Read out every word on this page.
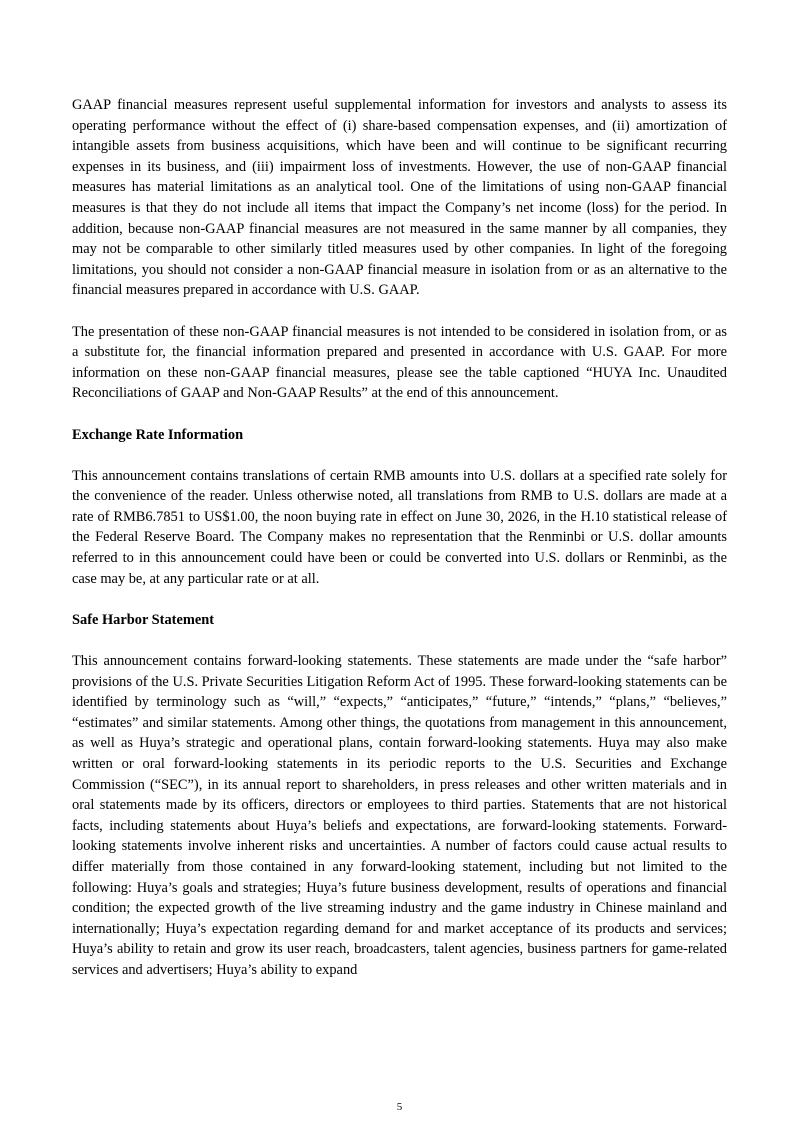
GAAP financial measures represent useful supplemental information for investors and analysts to assess its operating performance without the effect of (i) share-based compensation expenses, and (ii) amortization of intangible assets from business acquisitions, which have been and will continue to be significant recurring expenses in its business, and (iii) impairment loss of investments. However, the use of non-GAAP financial measures has material limitations as an analytical tool. One of the limitations of using non-GAAP financial measures is that they do not include all items that impact the Company’s net income (loss) for the period. In addition, because non-GAAP financial measures are not measured in the same manner by all companies, they may not be comparable to other similarly titled measures used by other companies. In light of the foregoing limitations, you should not consider a non-GAAP financial measure in isolation from or as an alternative to the financial measures prepared in accordance with U.S. GAAP.

The presentation of these non-GAAP financial measures is not intended to be considered in isolation from, or as a substitute for, the financial information prepared and presented in accordance with U.S. GAAP. For more information on these non-GAAP financial measures, please see the table captioned “HUYA Inc. Unaudited Reconciliations of GAAP and Non-GAAP Results” at the end of this announcement.

Exchange Rate Information

This announcement contains translations of certain RMB amounts into U.S. dollars at a specified rate solely for the convenience of the reader. Unless otherwise noted, all translations from RMB to U.S. dollars are made at a rate of RMB6.7851 to US$1.00, the noon buying rate in effect on June 30, 2026, in the H.10 statistical release of the Federal Reserve Board. The Company makes no representation that the Renminbi or U.S. dollar amounts referred to in this announcement could have been or could be converted into U.S. dollars or Renminbi, as the case may be, at any particular rate or at all.

Safe Harbor Statement

This announcement contains forward-looking statements. These statements are made under the “safe harbor” provisions of the U.S. Private Securities Litigation Reform Act of 1995. These forward-looking statements can be identified by terminology such as “will,” “expects,” “anticipates,” “future,” “intends,” “plans,” “believes,” “estimates” and similar statements. Among other things, the quotations from management in this announcement, as well as Huya’s strategic and operational plans, contain forward-looking statements. Huya may also make written or oral forward-looking statements in its periodic reports to the U.S. Securities and Exchange Commission (“SEC”), in its annual report to shareholders, in press releases and other written materials and in oral statements made by its officers, directors or employees to third parties. Statements that are not historical facts, including statements about Huya’s beliefs and expectations, are forward-looking statements. Forward-looking statements involve inherent risks and uncertainties. A number of factors could cause actual results to differ materially from those contained in any forward-looking statement, including but not limited to the following: Huya’s goals and strategies; Huya’s future business development, results of operations and financial condition; the expected growth of the live streaming industry and the game industry in Chinese mainland and internationally; Huya’s expectation regarding demand for and market acceptance of its products and services; Huya’s ability to retain and grow its user reach, broadcasters, talent agencies, business partners for game-related services and advertisers; Huya’s ability to expand

5
